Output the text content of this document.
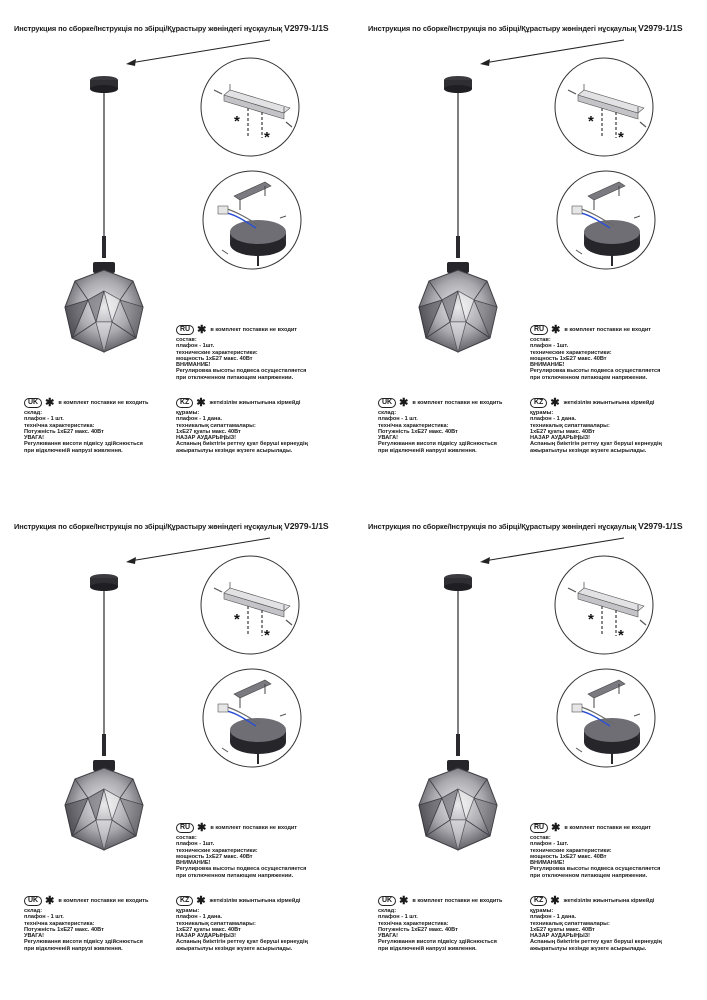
Инструкция по сборке/Інструкція по збірці/Құрастыру жөніндегі нұсқаулық V2979-1/1S
*
*
RU ✱ в комплект поставки не входит
состав:
плафон - 1шт.
технические характеристики:
мощность 1xE27 макс. 40Вт
ВНИМАНИЕ!
Регулировка высоты подвеса осуществляется
при отключенном питающем напряжении.
UK ✱ в комплект поставки не входить
склад:
плафон - 1 шт.
технічна характеристика:
Потужність 1xE27 макс. 40Вт
УВАГА!
Регулювання висоти підвісу здійснюється
при відключеній напрузі живлення.
KZ ✱ жеткізілім жиынтығына кірмейді
құрамы:
плафон - 1 дана.
техникалық сипаттамалары:
1xE27 қуаты макс. 40Вт
НАЗАР АУДАРЫҢЫЗ!
Аспаның биіктігін реттеу қуат беруші кернеудің
ажыратылуы кезінде жүзеге асырылады.
Инструкция по сборке/Інструкція по збірці/Құрастыру жөніндегі нұсқаулық V2979-1/1S
*
*
RU ✱ в комплект поставки не входит
состав:
плафон - 1шт.
технические характеристики:
мощность 1xE27 макс. 40Вт
ВНИМАНИЕ!
Регулировка высоты подвеса осуществляется
при отключенном питающем напряжении.
UK ✱ в комплект поставки не входить
склад:
плафон - 1 шт.
технічна характеристика:
Потужність 1xE27 макс. 40Вт
УВАГА!
Регулювання висоти підвісу здійснюється
при відключеній напрузі живлення.
KZ ✱ жеткізілім жиынтығына кірмейді
құрамы:
плафон - 1 дана.
техникалық сипаттамалары:
1xE27 қуаты макс. 40Вт
НАЗАР АУДАРЫҢЫЗ!
Аспаның биіктігін реттеу қуат беруші кернеудің
ажыратылуы кезінде жүзеге асырылады.
Инструкция по сборке/Інструкція по збірці/Құрастыру жөніндегі нұсқаулық V2979-1/1S
*
*
RU ✱ в комплект поставки не входит
состав:
плафон - 1шт.
технические характеристики:
мощность 1xE27 макс. 40Вт
ВНИМАНИЕ!
Регулировка высоты подвеса осуществляется
при отключенном питающем напряжении.
UK ✱ в комплект поставки не входить
склад:
плафон - 1 шт.
технічна характеристика:
Потужність 1xE27 макс. 40Вт
УВАГА!
Регулювання висоти підвісу здійснюється
при відключеній напрузі живлення.
KZ ✱ жеткізілім жиынтығына кірмейді
құрамы:
плафон - 1 дана.
техникалық сипаттамалары:
1xE27 қуаты макс. 40Вт
НАЗАР АУДАРЫҢЫЗ!
Аспаның биіктігін реттеу қуат беруші кернеудің
ажыратылуы кезінде жүзеге асырылады.
Инструкция по сборке/Інструкція по збірці/Құрастыру жөніндегі нұсқаулық V2979-1/1S
*
*
RU ✱ в комплект поставки не входит
состав:
плафон - 1шт.
технические характеристики:
мощность 1xE27 макс. 40Вт
ВНИМАНИЕ!
Регулировка высоты подвеса осуществляется
при отключенном питающем напряжении.
UK ✱ в комплект поставки не входить
склад:
плафон - 1 шт.
технічна характеристика:
Потужність 1xE27 макс. 40Вт
УВАГА!
Регулювання висоти підвісу здійснюється
при відключеній напрузі живлення.
KZ ✱ жеткізілім жиынтығына кірмейді
құрамы:
плафон - 1 дана.
техникалық сипаттамалары:
1xE27 қуаты макс. 40Вт
НАЗАР АУДАРЫҢЫЗ!
Аспаның биіктігін реттеу қуат беруші кернеудің
ажыратылуы кезінде жүзеге асырылады.
